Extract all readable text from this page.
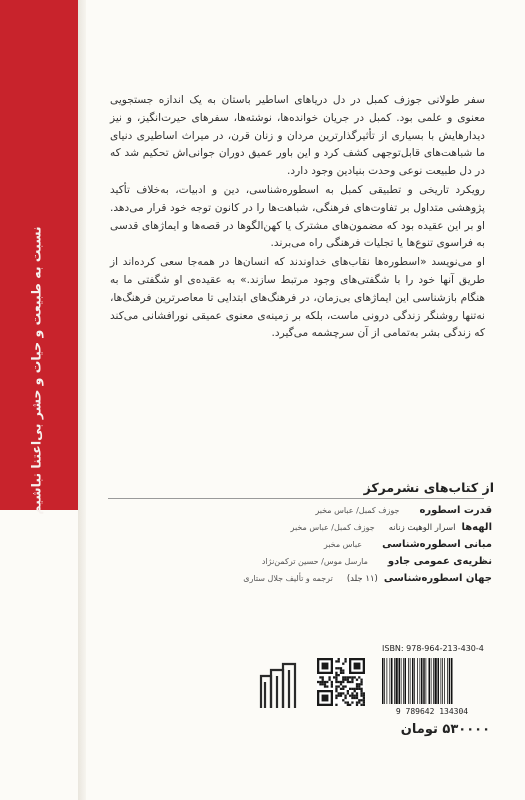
نسبت به طبیعت و حیات و حشر بی‌اعتنا نباشیم

سفر طولانی جوزف کمبل در دل دریاهای اساطیر باستان به یک اندازه جستجویی معنوی و علمی بود. کمبل در جریان خوانده‌ها، نوشته‌ها، سفرهای حیرت‌انگیز، و نیز دیدارهایش با بسیاری از تأثیرگذارترین مردان و زنان قرن، در میراث اساطیری دنیای ما شباهت‌های قابل‌توجهی کشف کرد و این باور عمیق دوران جوانی‌اش تحکیم شد که در دل طبیعت نوعی وحدت بنیادین وجود دارد.

رویکرد تاریخی و تطبیقی کمبل به اسطوره‌شناسی، دین و ادبیات، به‌خلاف تأکید پژوهشی متداول بر تفاوت‌های فرهنگی، شباهت‌ها را در کانون توجه خود قرار می‌دهد. او بر این عقیده بود که مضمون‌های مشترک یا کهن‌الگوها در قصه‌ها و ایماژهای قدسی به فراسوی تنوع‌ها یا تجلیات فرهنگی راه می‌برند.

او می‌نویسد «اسطوره‌ها نقاب‌های خداوندند که انسان‌ها در همه‌جا سعی کرده‌اند از طریق آنها خود را با شگفتی‌های وجود مرتبط سازند.» به عقیده‌ی او شگفتی ما به هنگام بازشناسی این ایماژهای بی‌زمان، در فرهنگ‌های ابتدایی تا معاصرترین فرهنگ‌ها، نه‌تنها روشنگر زندگی درونی ماست، بلکه بر زمینه‌ی معنوی عمیقی نورافشانی می‌کند که زندگی بشر به‌تمامی از آن سرچشمه می‌گیرد.

از کتاب‌های نشرمرکز
قدرت اسطوره
جوزف کمبل/ عباس مخبر
الهه‌ها
اسرار الوهیت زنانه
جوزف کمبل/ عباس مخبر
مبانی اسطوره‌شناسی
عباس مخبر
نظریه‌ی عمومی جادو
مارسل موس/ حسین ترکمن‌نژاد
جهان اسطوره‌شناسی
(۱۱ جلد)
ترجمه و تألیف جلال ستاری
ISBN: 978-964-213-430-4
9 789642 134304
۵۳۰۰۰۰ تومان
